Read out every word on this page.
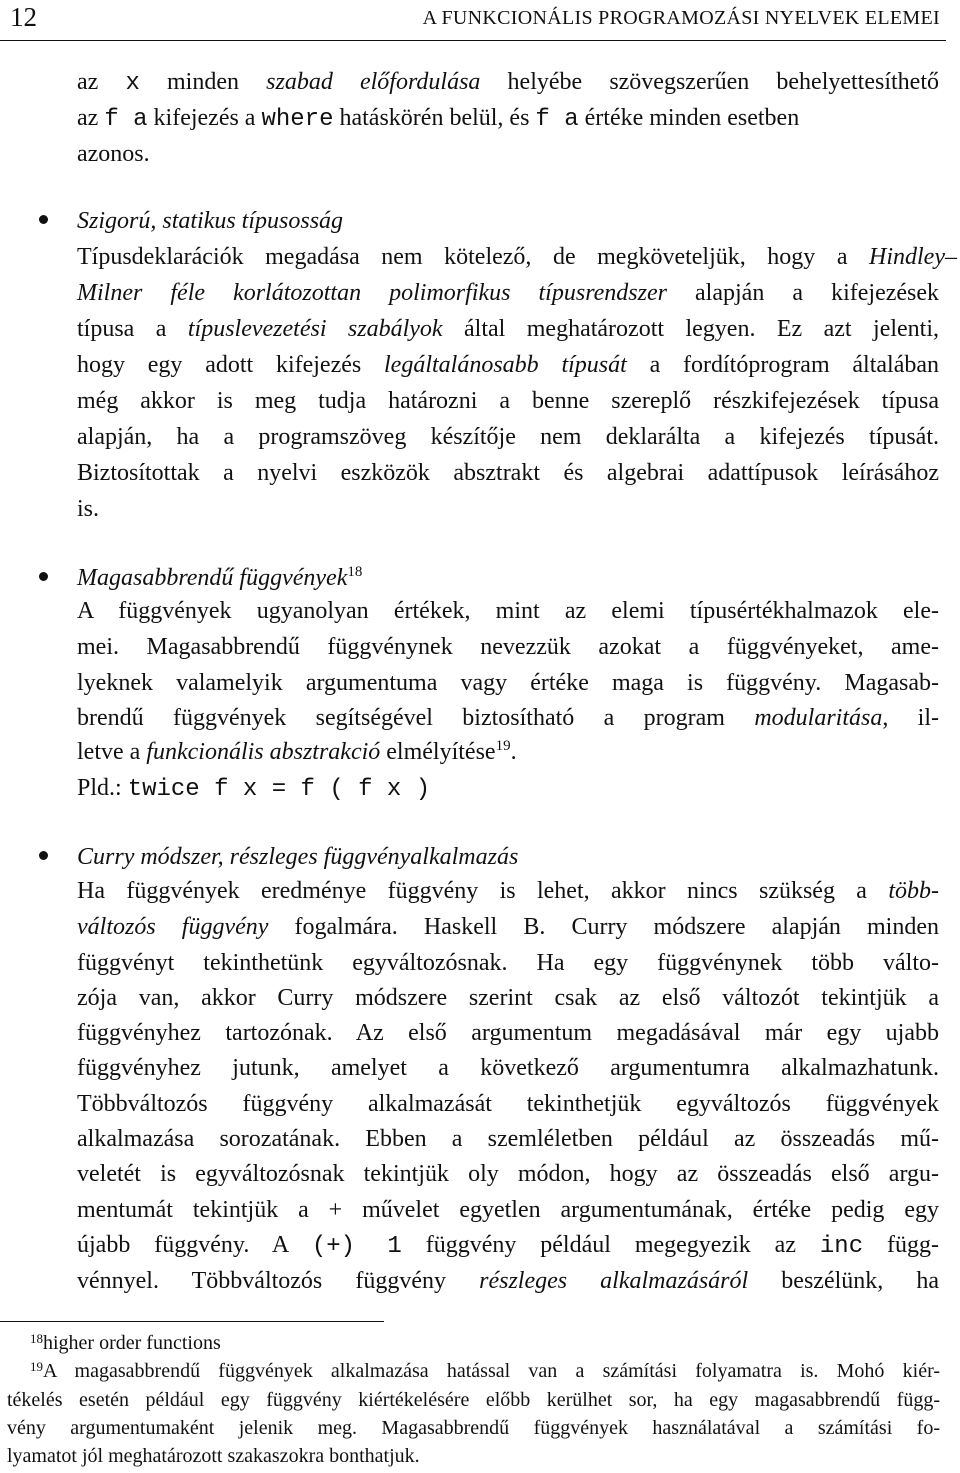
12	A FUNKCIONÁLIS PROGRAMOZÁSI NYELVEK ELEMEI
az x minden szabad előfordulása helyébe szövegszerűen behelyettesíthető
az f a kifejezés a where hatáskörén belül, és f a értéke minden esetben
azonos.
Szigorú, statikus típusosság
Típusdeklarációk megadása nem kötelező, de megköveteljük, hogy a Hindley–
Milner féle korlátozottan polimorfikus típusrendszer alapján a kifejezések
típusa a típuslevezetési szabályok által meghatározott legyen. Ez azt jelenti,
hogy egy adott kifejezés legáltalánosabb típusát a fordítóprogram általában
még akkor is meg tudja határozni a benne szereplő részkifejezések típusa
alapján, ha a programszöveg készítője nem deklarálta a kifejezés típusát.
Biztosítottak a nyelvi eszközök absztrakt és algebrai adattípusok leírásához
is.
Magasabbrendű függvények$^{18}$
A függvények ugyanolyan értékek, mint az elemi típusértékhalmazok ele-
mei. Magasabbrendű függvénynek nevezzük azokat a függvényeket, ame-
lyeknek valamelyik argumentuma vagy értéke maga is függvény. Magasab-
brendű függvények segítségével biztosítható a program modularitása, il-
letve a funkcionális absztrakció elmélyítése$^{19}$.
Pld.: twice f x = f ( f x )
Curry módszer, részleges függvényalkalmazás
Ha függvények eredménye függvény is lehet, akkor nincs szükség a több-
változós függvény fogalmára. Haskell B. Curry módszere alapján minden
függvényt tekinthetünk egyváltozósnak. Ha egy függvénynek több válto-
zója van, akkor Curry módszere szerint csak az első változót tekintjük a
függvényhez tartozónak. Az első argumentum megadásával már egy ujabb
függvényhez jutunk, amelyet a következő argumentumra alkalmazhatunk.
Többváltozós függvény alkalmazását tekinthetjük egyváltozós függvények
alkalmazása sorozatának. Ebben a szemléletben például az összeadás mű-
veletét is egyváltozósnak tekintjük oly módon, hogy az összeadás első argu-
mentumát tekintjük a + művelet egyetlen argumentumának, értéke pedig egy
újabb függvény. A (+) 1 függvény például megegyezik az inc függ-
vénnyel. Többváltozós függvény részleges alkalmazásáról beszélünk, ha
$^{18}$higher order functions
$^{19}$A magasabbrendű függvények alkalmazása hatással van a számítási folyamatra is. Mohó kiér-
tékelés esetén például egy függvény kiértékelésére előbb kerülhet sor, ha egy magasabbrendű függ-
vény argumentumaként jelenik meg. Magasabbrendű függvények használatával a számítási fo-
lyamatot jól meghatározott szakaszokra bonthatjuk.
